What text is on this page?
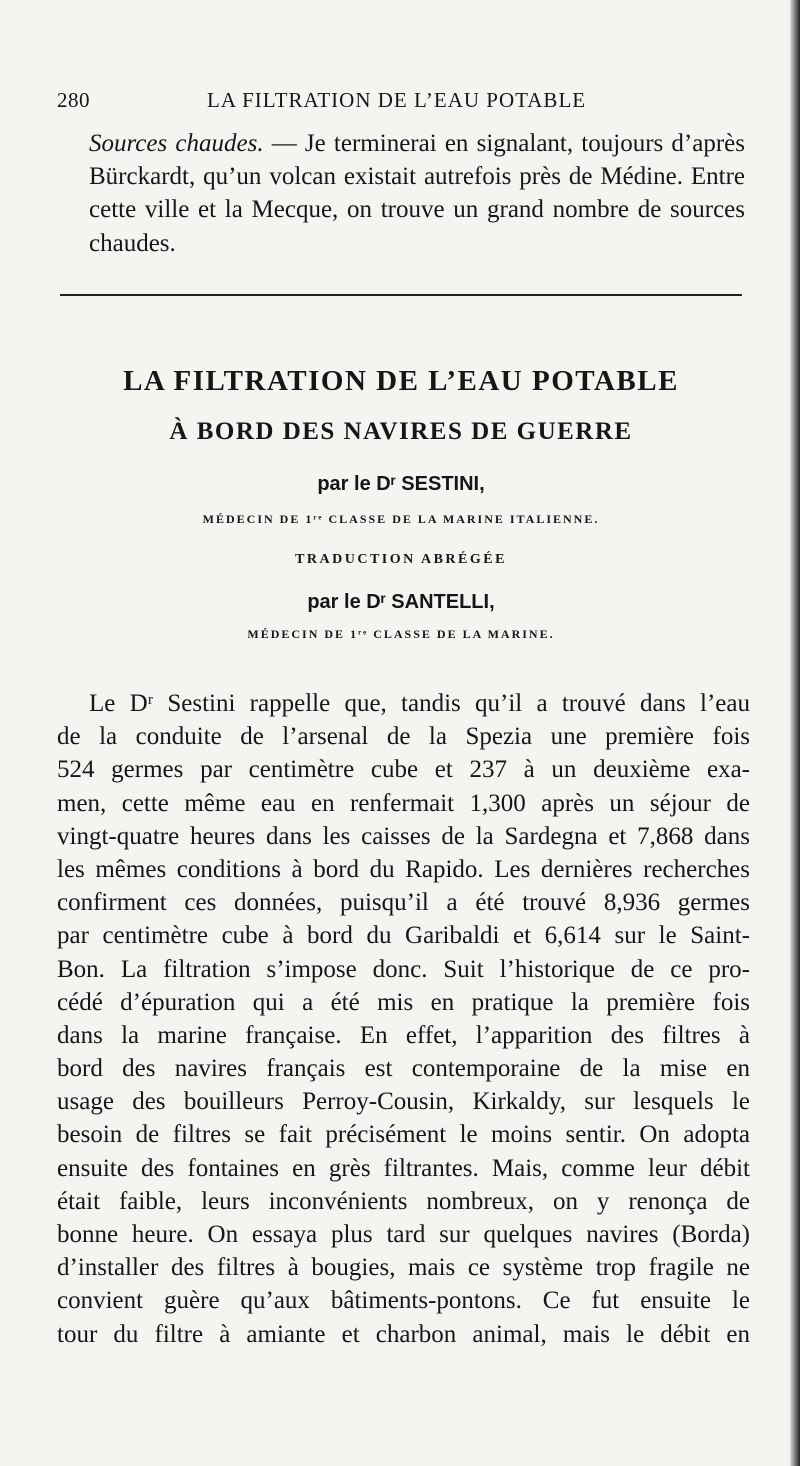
280	LA FILTRATION DE L’EAU POTABLE
Sources chaudes. — Je terminerai en signalant, toujours d’après
Bürckardt, qu’un volcan existait autrefois près de Médine. Entre
cette ville et la Mecque, on trouve un grand nombre de sources
chaudes.
LA FILTRATION DE L’EAU POTABLE
À BORD DES NAVIRES DE GUERRE
par le Dʳ SESTINI,
MÉDECIN DE 1ʳᵉ CLASSE DE LA MARINE ITALIENNE.
TRADUCTION ABRÉGÉE
par le Dʳ SANTELLI,
MÉDECIN DE 1ʳᵉ CLASSE DE LA MARINE.
Le Dʳ Sestini rappelle que, tandis qu’il a trouvé dans l’eau
de la conduite de l’arsenal de la Spezia une première fois
524 germes par centimètre cube et 237 à un deuxième exa-
men, cette même eau en renfermait 1,300 après un séjour de
vingt-quatre heures dans les caisses de la Sardegna et 7,868 dans
les mêmes conditions à bord du Rapido. Les dernières recherches
confirment ces données, puisqu’il a été trouvé 8,936 germes
par centimètre cube à bord du Garibaldi et 6,614 sur le Saint-
Bon. La filtration s’impose donc. Suit l’historique de ce pro-
cédé d’épuration qui a été mis en pratique la première fois
dans la marine française. En effet, l’apparition des filtres à
bord des navires français est contemporaine de la mise en
usage des bouilleurs Perroy-Cousin, Kirkaldy, sur lesquels le
besoin de filtres se fait précisément le moins sentir. On adopta
ensuite des fontaines en grès filtrantes. Mais, comme leur débit
était faible, leurs inconvénients nombreux, on y renonça de
bonne heure. On essaya plus tard sur quelques navires (Borda)
d’installer des filtres à bougies, mais ce système trop fragile ne
convient guère qu’aux bâtiments-pontons. Ce fut ensuite le
tour du filtre à amiante et charbon animal, mais le débit en
